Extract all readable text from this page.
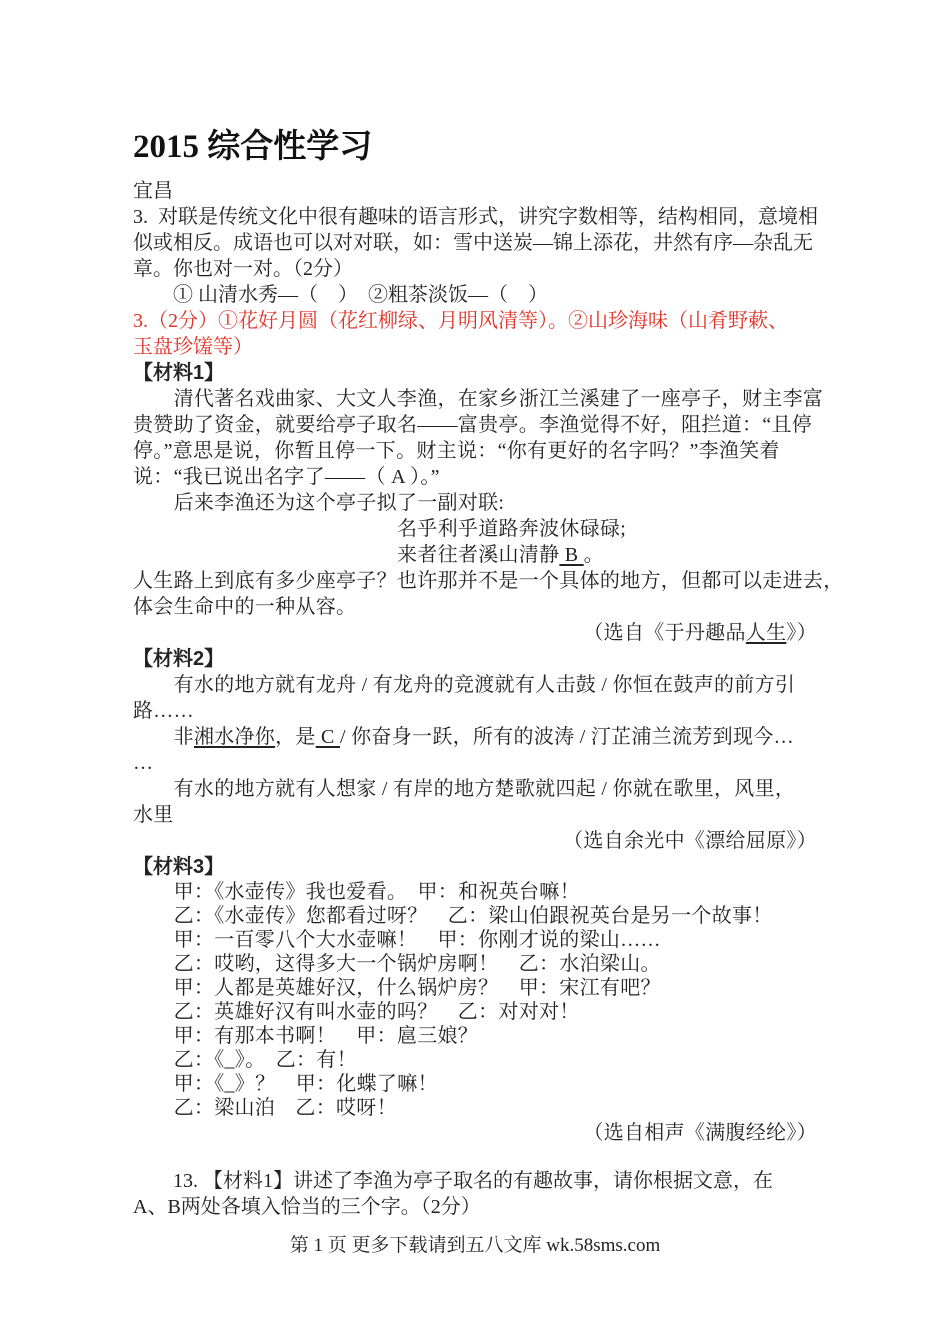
2015 综合性学习
宜昌
3.  对联是传统文化中很有趣味的语言形式，讲究字数相等，结构相同，意境相
似或相反。成语也可以对对联，如：雪中送炭—锦上添花，井然有序—杂乱无
章。你也对一对。（2分）
　　① 山清水秀—（　）　②粗茶淡饭—（　）
3.（2分）①花好月圆（花红柳绿、月明风清等）。②山珍海味（山肴野蔌、
玉盘珍馐等）
【材料1】
　　清代著名戏曲家、大文人李渔，在家乡浙江兰溪建了一座亭子，财主李富
贵赞助了资金，就要给亭子取名——富贵亭。李渔觉得不好，阻拦道：“且停
停。”意思是说，你暂且停一下。财主说：“你有更好的名字吗？”李渔笑着
说：“我已说出名字了——（ A ）。”
　　后来李渔还为这个亭子拟了一副对联:
名乎利乎道路奔波休碌碌;
来者往者溪山清静 B 。
人生路上到底有多少座亭子？也许那并不是一个具体的地方，但都可以走进去，
体会生命中的一种从容。
（选自《于丹趣品人生》）
【材料2】
　　有水的地方就有龙舟 / 有龙舟的竞渡就有人击鼓 / 你恒在鼓声的前方引
路……
　　非湘水净你，是 C / 你奋身一跃，所有的波涛 / 汀芷浦兰流芳到现今…
…
　　有水的地方就有人想家 / 有岸的地方楚歌就四起 / 你就在歌里，风里，
水里
（选自余光中《漂给屈原》）
【材料3】
　　甲：《水壶传》我也爱看。　甲：和祝英台嘛！
　　乙：《水壶传》您都看过呀？　乙：梁山伯跟祝英台是另一个故事！
　　甲：一百零八个大水壶嘛！　甲：你刚才说的梁山……
　　乙：哎哟，这得多大一个锅炉房啊！　乙：水泊梁山。
　　甲：人都是英雄好汉，什么锅炉房？　甲：宋江有吧？
　　乙：英雄好汉有叫水壶的吗？　乙：对对对！
　　甲：有那本书啊！　甲：扈三娘？
　　乙：《_》。　乙：有！
　　甲：《_》？　甲：化蝶了嘛！
　　乙：梁山泊　乙：哎呀！
（选自相声《满腹经纶》）
　　13. 【材料1】讲述了李渔为亭子取名的有趣故事，请你根据文意，在
A、B两处各填入恰当的三个字。（2分）
第 1 页 更多下载请到五八文库 wk.58sms.com
